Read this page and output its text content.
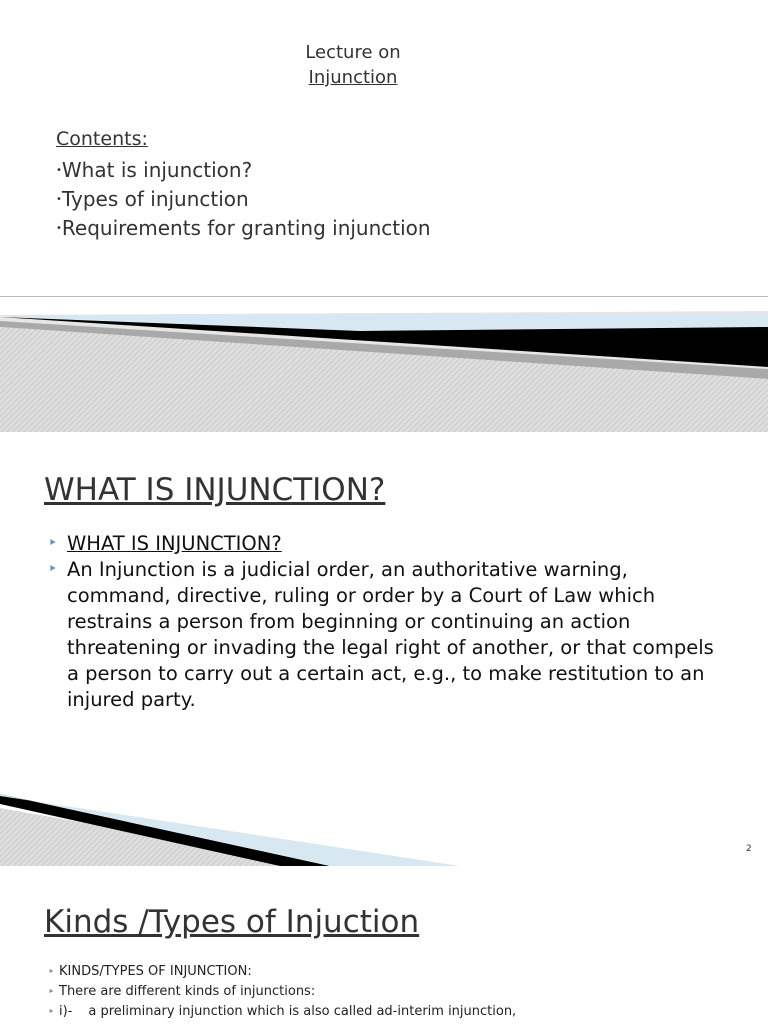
Lecture on
Injunction
Contents:
• What is injunction?
• Types of injunction
• Requirements for granting injunction
WHAT IS INJUNCTION?
‣ WHAT IS INJUNCTION?
‣ An Injunction is a judicial order, an authoritative warning, command, directive, ruling or order by a Court of Law which restrains a person from beginning or continuing an action threatening or invading the legal right of another, or that compels a person to carry out a certain act, e.g., to make restitution to an injured party.
2
Kinds /Types of Injuction
‣ KINDS/TYPES OF INJUNCTION:
‣ There are different kinds of injunctions:
‣ i)- a preliminary injunction which is also called ad-interim injunction,
